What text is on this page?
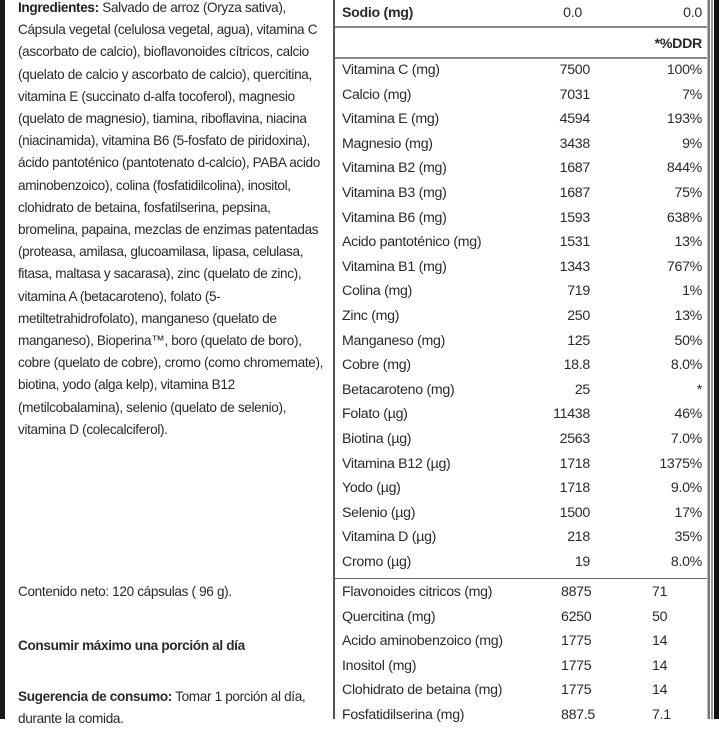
Ingredientes: Salvado de arroz (Oryza sativa), Cápsula vegetal (celulosa vegetal, agua), vitamina C (ascorbato de calcio), bioflavonoides cítricos, calcio (quelato de calcio y ascorbato de calcio), quercitina, vitamina E (succinato d-alfa tocoferol), magnesio (quelato de magnesio), tiamina, riboflavina, niacina (niacinamida), vitamina B6 (5-fosfato de piridoxina), ácido pantoténico (pantotenato d-calcio), PABA acido aminobenzoico), colina (fosfatidilcolina), inositol, clohidrato de betaina, fosfatilserina, pepsina, bromelina, papaina, mezclas de enzimas patentadas (proteasa, amilasa, glucoamilasa, lipasa, celulasa, fitasa, maltasa y sacarasa), zinc (quelato de zinc), vitamina A (betacaroteno), folato (5-metiltetrahidrofolato), manganeso (quelato de manganeso), Bioperina™, boro (quelato de boro), cobre (quelato de cobre), cromo (como chromemate), biotina, yodo (alga kelp), vitamina B12 (metilcobalamina), selenio (quelato de selenio), vitamina D (colecalciferol).

Contenido neto: 120 cápsulas ( 96 g).

Consumir máximo una porción al día

Sugerencia de consumo: Tomar 1 porción al día, durante la comida.

Sodio (mg)	0.0	0.0
*%DDR
Vitamina C (mg)	7500	100%
Calcio (mg)	7031	7%
Vitamina E (mg)	4594	193%
Magnesio (mg)	3438	9%
Vitamina B2 (mg)	1687	844%
Vitamina B3 (mg)	1687	75%
Vitamina B6 (mg)	1593	638%
Acido pantoténico (mg)	1531	13%
Vitamina B1 (mg)	1343	767%
Colina (mg)	719	1%
Zinc (mg)	250	13%
Manganeso (mg)	125	50%
Cobre (mg)	18.8	8.0%
Betacaroteno (mg)	25	*
Folato (µg)	11438	46%
Biotina (µg)	2563	7.0%
Vitamina B12 (µg)	1718	1375%
Yodo (µg)	1718	9.0%
Selenio (µg)	1500	17%
Vitamina D (µg)	218	35%
Cromo (µg)	19	8.0%
Flavonoides citricos (mg)	8875	71
Quercitina (mg)	6250	50
Acido aminobenzoico (mg)	1775	14
Inositol (mg)	1775	14
Clohidrato de betaina (mg)	1775	14
Fosfatidilserina (mg)	887.5	7.1
